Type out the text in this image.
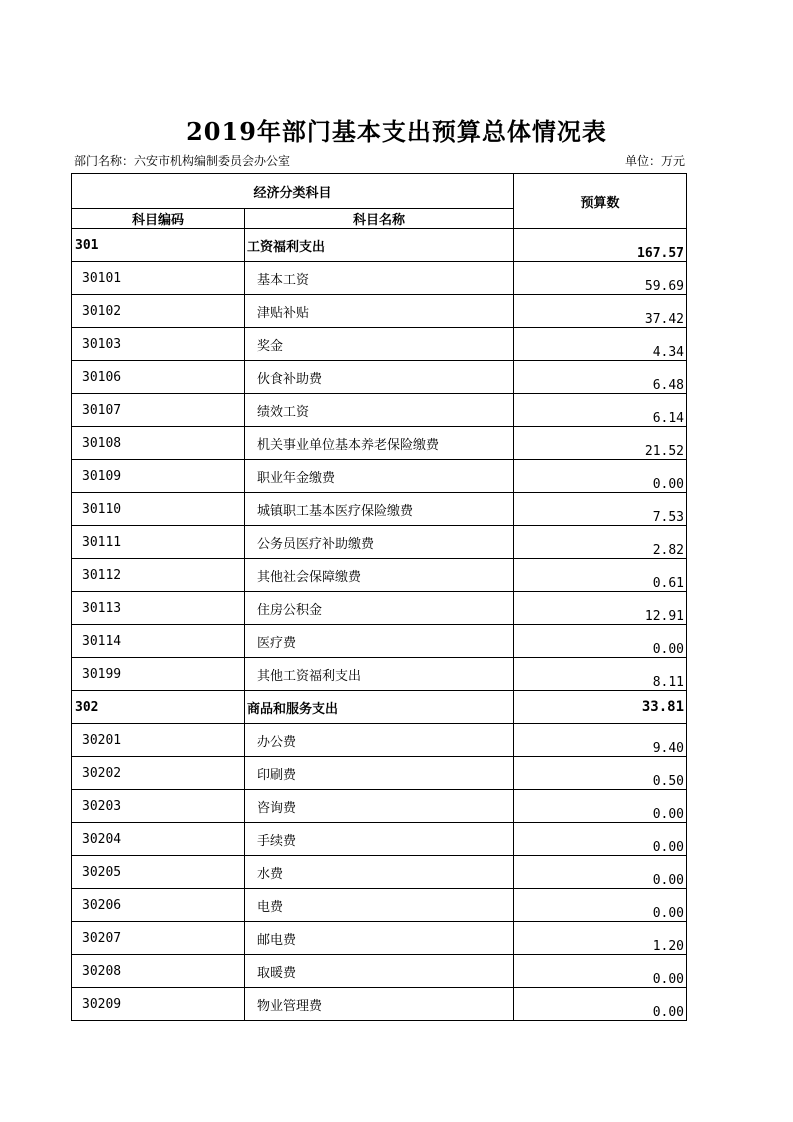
2019年部门基本支出预算总体情况表
部门名称：六安市机构编制委员会办公室	单位：万元
经济分类科目		预算数
科目编码	科目名称	
301	工资福利支出	167.57
30101	基本工资	59.69
30102	津贴补贴	37.42
30103	奖金	4.34
30106	伙食补助费	6.48
30107	绩效工资	6.14
30108	机关事业单位基本养老保险缴费	21.52
30109	职业年金缴费	0.00
30110	城镇职工基本医疗保险缴费	7.53
30111	公务员医疗补助缴费	2.82
30112	其他社会保障缴费	0.61
30113	住房公积金	12.91
30114	医疗费	0.00
30199	其他工资福利支出	8.11
302	商品和服务支出	33.81
30201	办公费	9.40
30202	印刷费	0.50
30203	咨询费	0.00
30204	手续费	0.00
30205	水费	0.00
30206	电费	0.00
30207	邮电费	1.20
30208	取暖费	0.00
30209	物业管理费	0.00
